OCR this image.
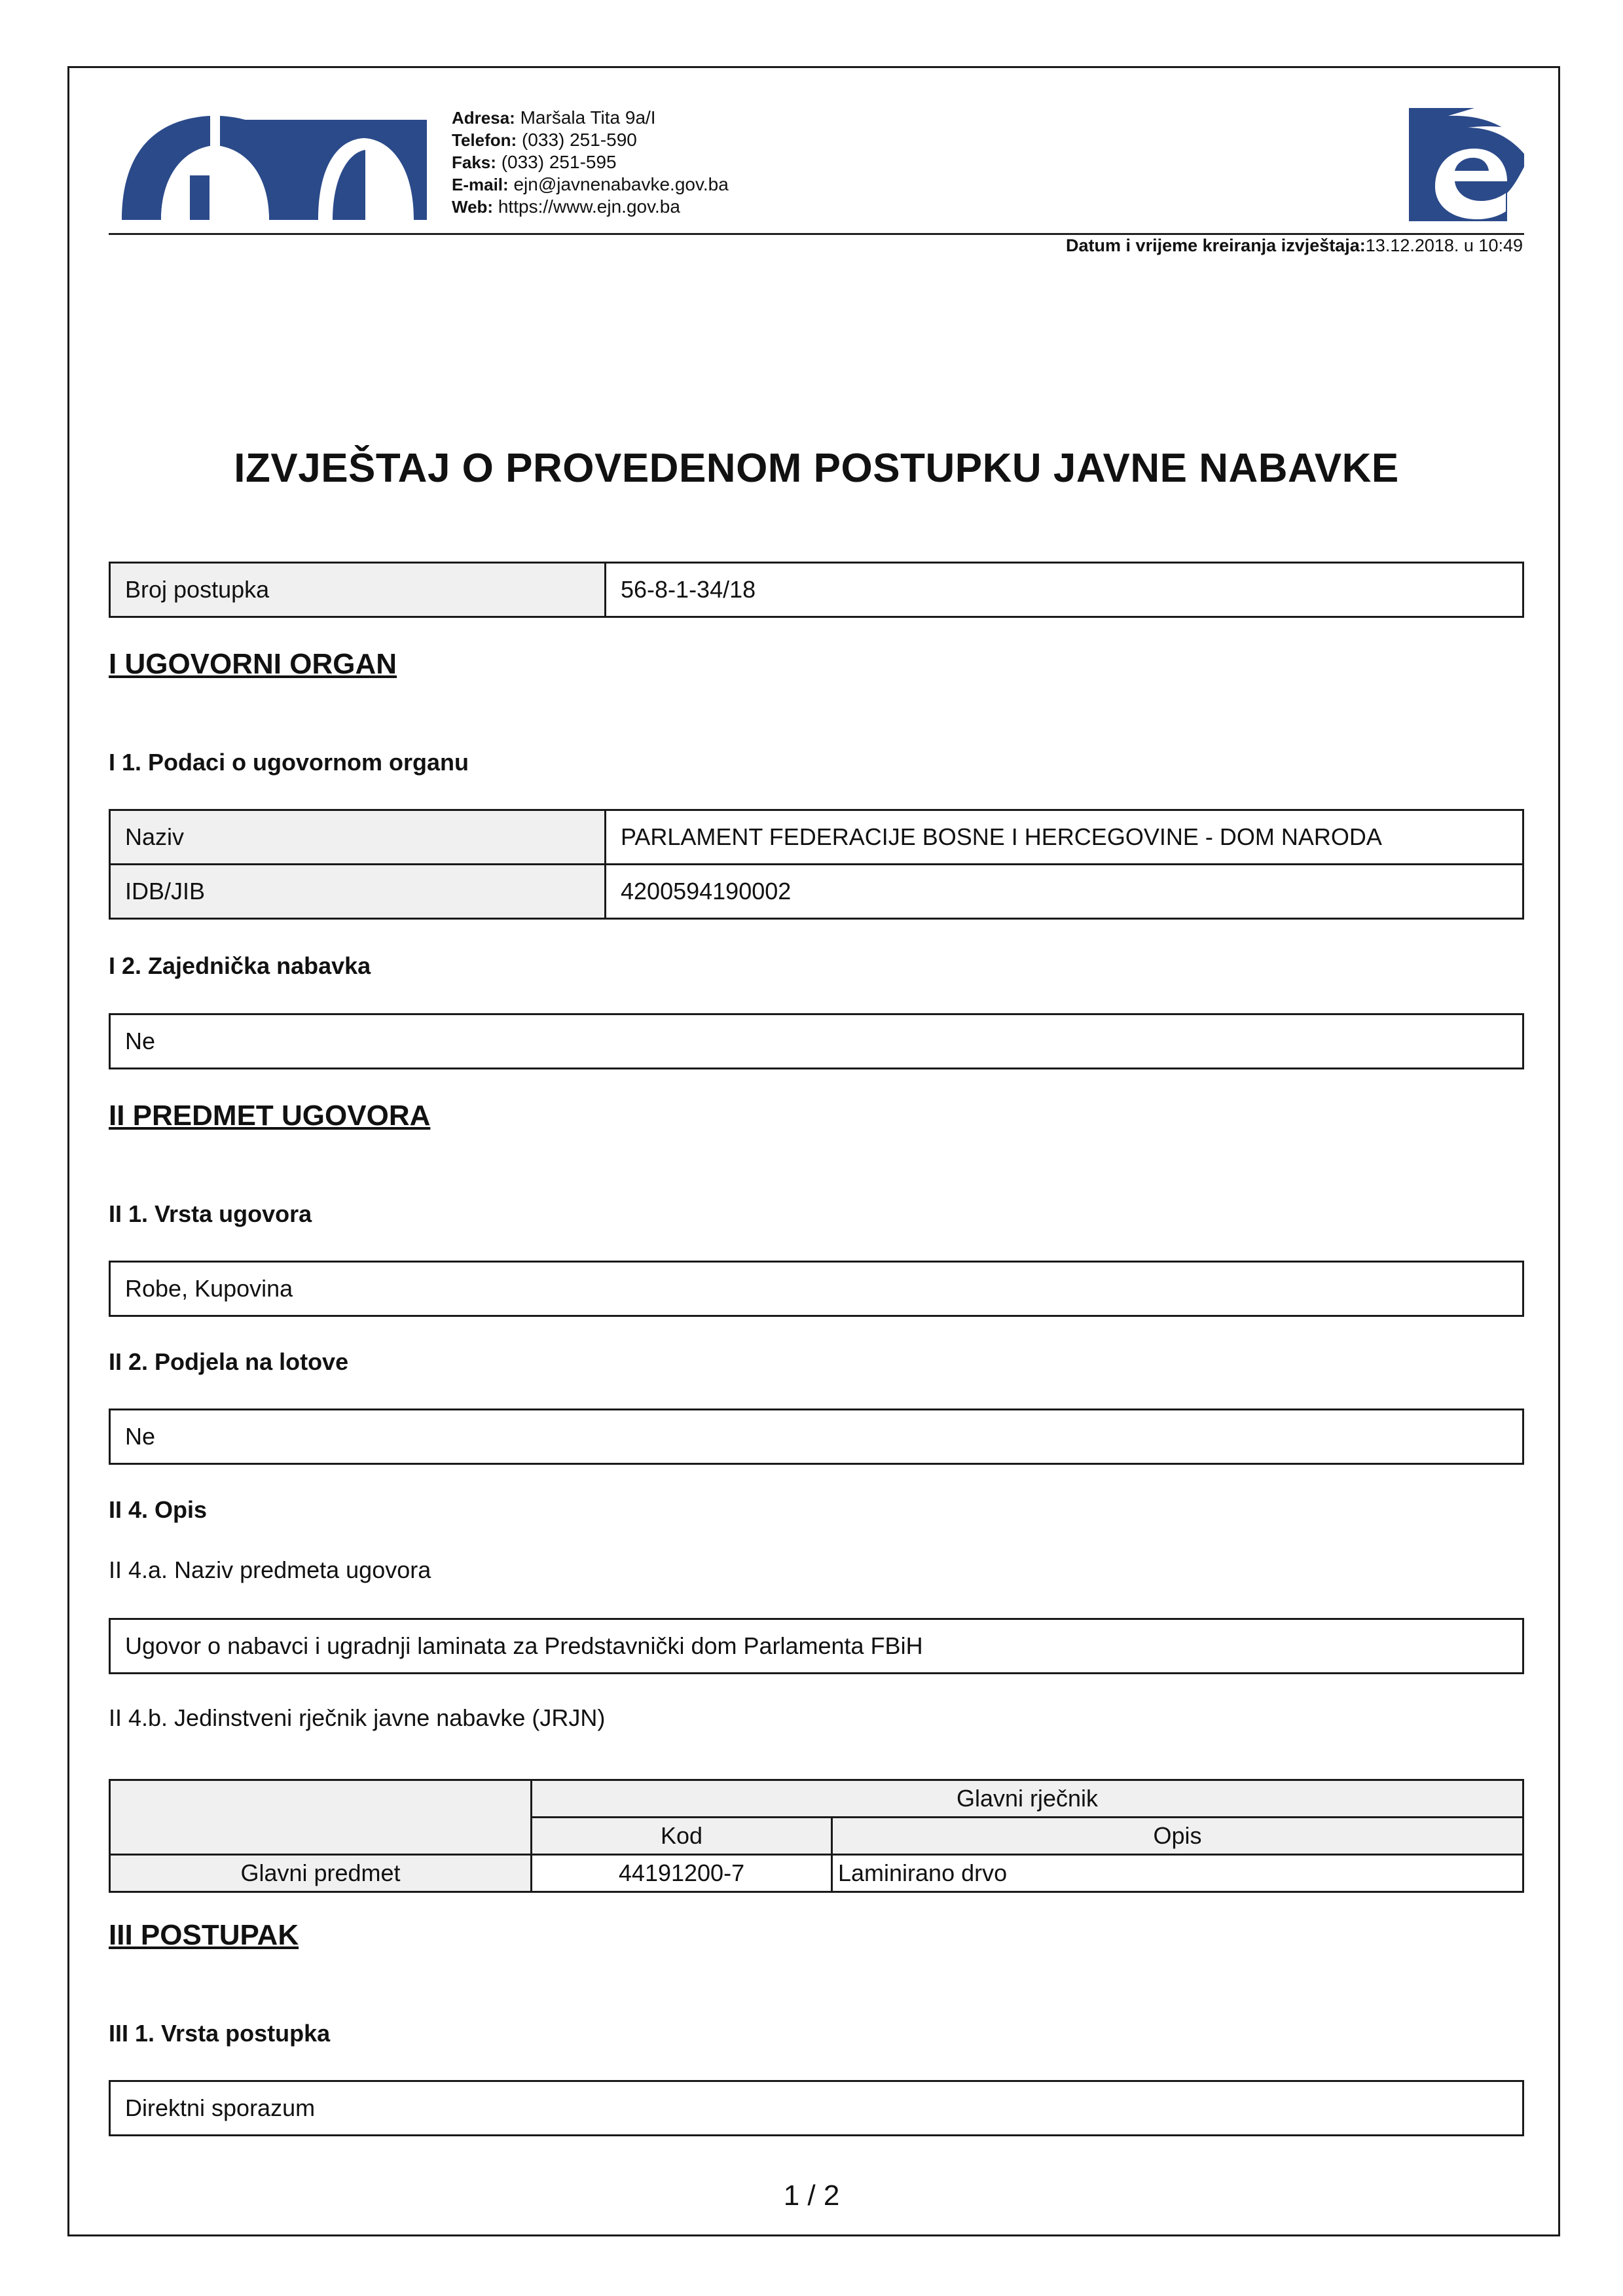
Adresa: Maršala Tita 9a/I
Telefon: (033) 251-590
Faks: (033) 251-595
E-mail: ejn@javnenabavke.gov.ba
Web: https://www.ejn.gov.ba
Datum i vrijeme kreiranja izvještaja:13.12.2018. u 10:49
IZVJEŠTAJ O PROVEDENOM POSTUPKU JAVNE NABAVKE
Broj postupka	56-8-1-34/18
I UGOVORNI ORGAN
I 1. Podaci o ugovornom organu
Naziv	PARLAMENT FEDERACIJE BOSNE I HERCEGOVINE - DOM NARODA
IDB/JIB	4200594190002
I 2. Zajednička nabavka
Ne
II PREDMET UGOVORA
II 1. Vrsta ugovora
Robe, Kupovina
II 2. Podjela na lotove
Ne
II 4. Opis
II 4.a. Naziv predmeta ugovora
Ugovor o nabavci i ugradnji laminata za Predstavnički dom Parlamenta FBiH
II 4.b. Jedinstveni rječnik javne nabavke (JRJN)
	Glavni rječnik	
	Kod	Opis
Glavni predmet	44191200-7	Laminirano drvo
III POSTUPAK
III 1. Vrsta postupka
Direktni sporazum
1 / 2
